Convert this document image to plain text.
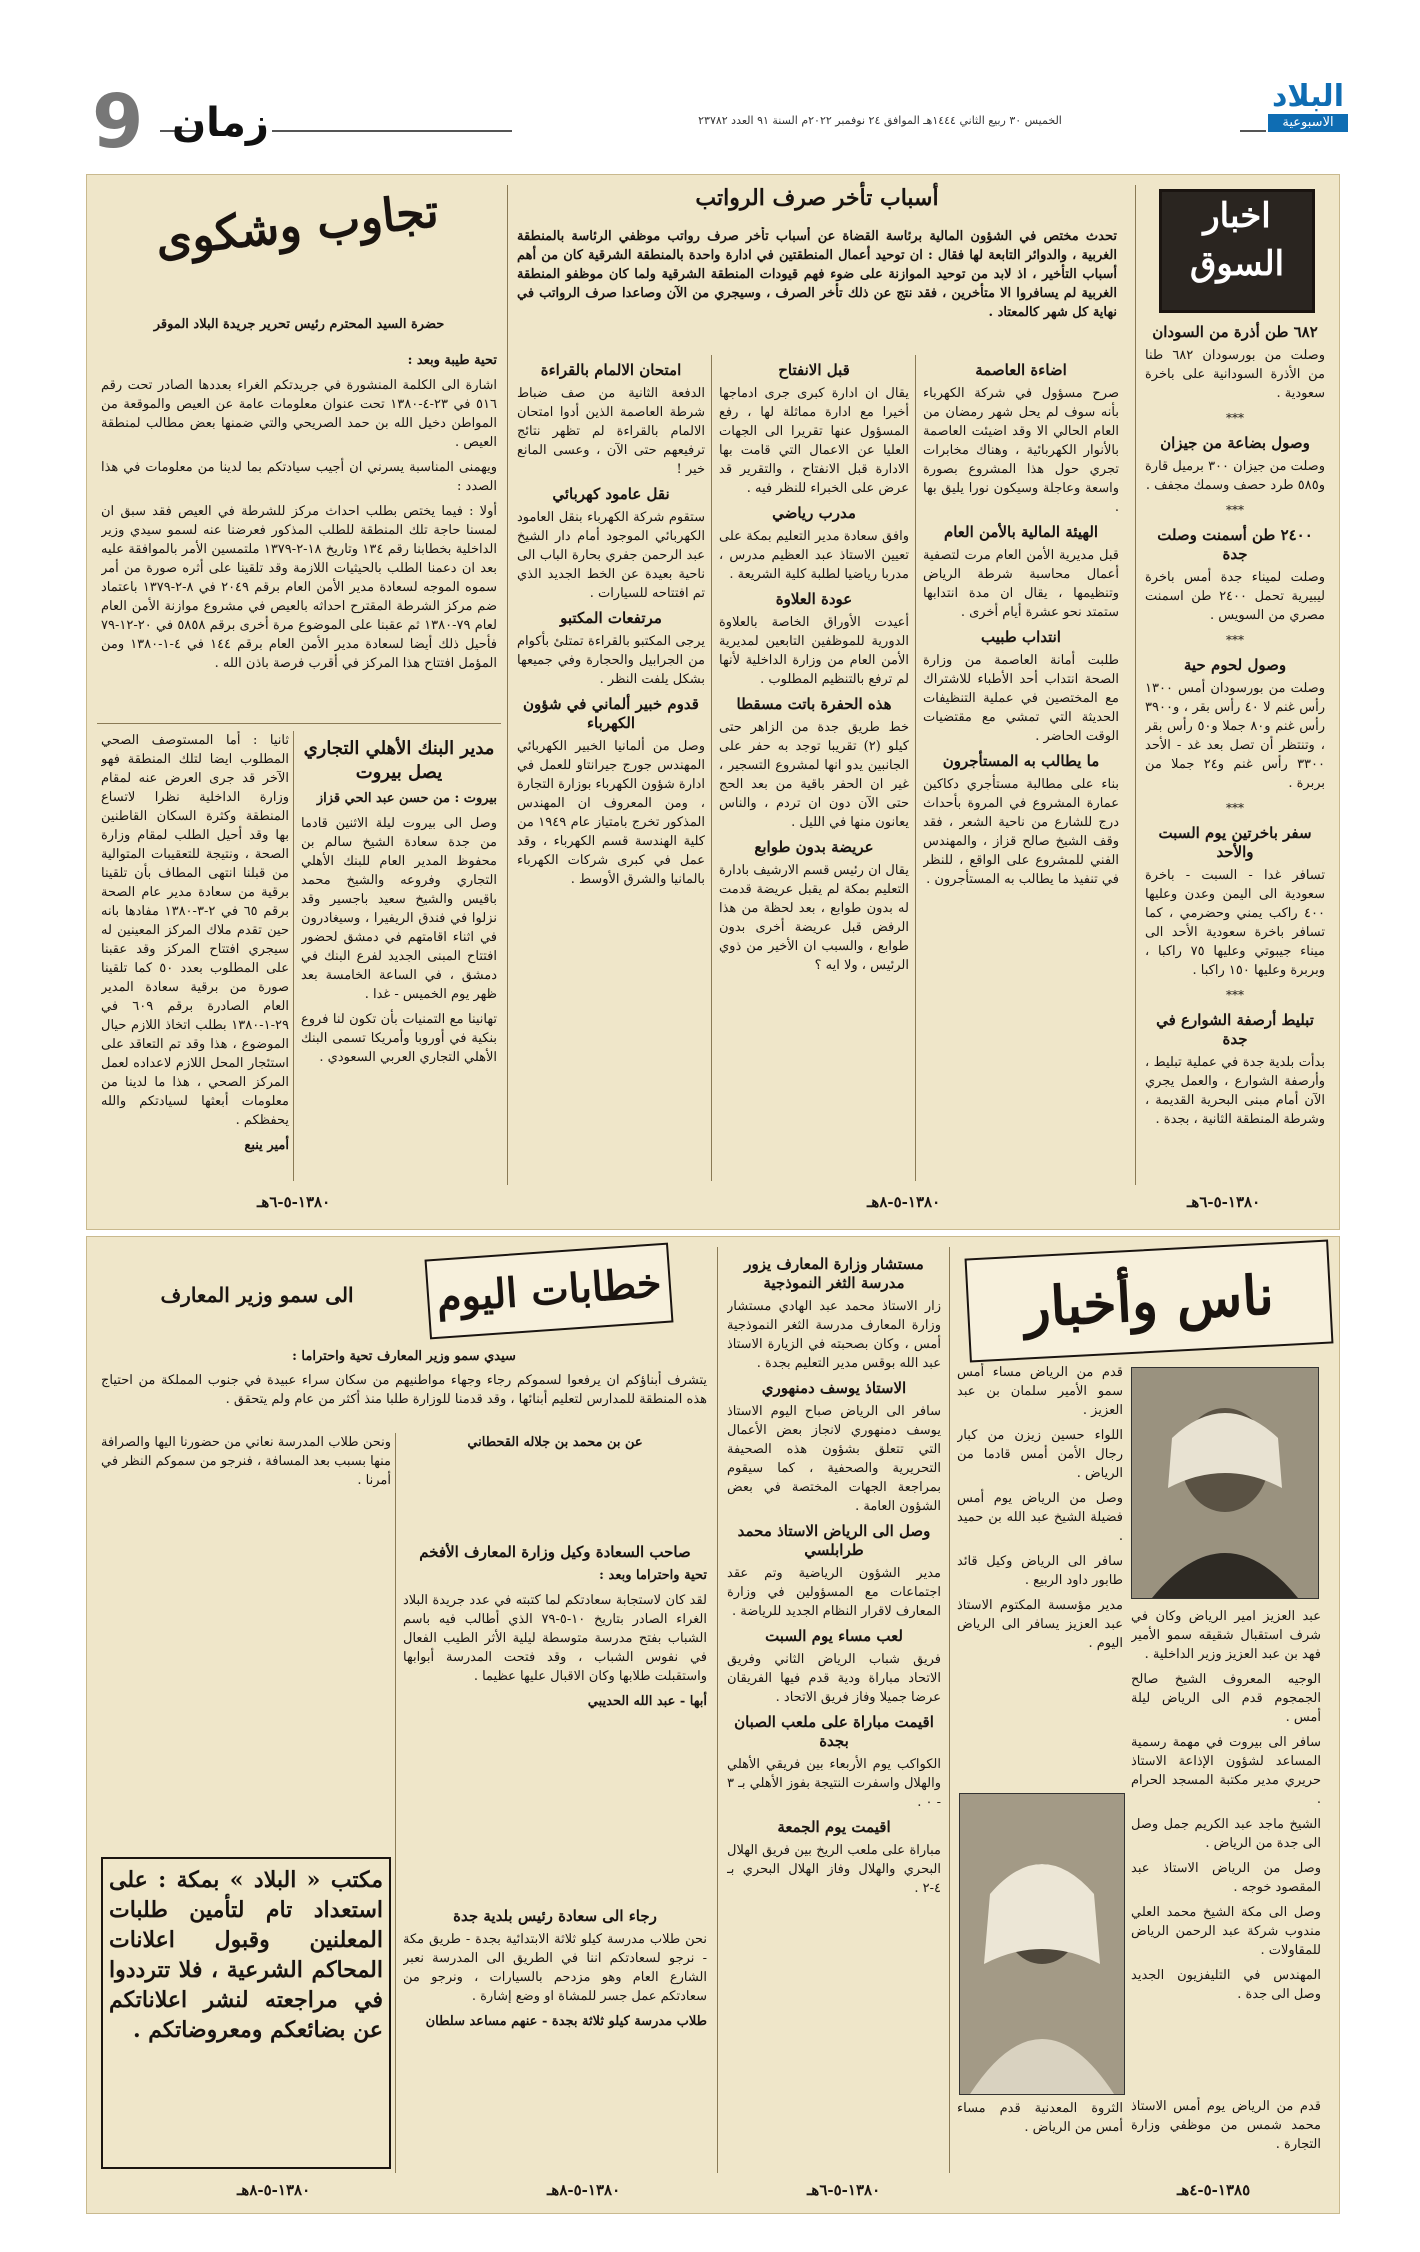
البلاد
الاسبوعية
الخميس ٣٠ ربيع الثاني ١٤٤٤هـ الموافق ٢٤ نوفمبر ٢٠٢٢م السنة ٩١ العدد ٢٣٧٨٢
زمان
9
اخبار السوق
٦٨٢ طن أذرة من السودان

وصلت من بورسودان ٦٨٢ طنا من الأذرة السودانية على باخرة سعودية .

***
وصول بضاعة من جيزان

وصلت من جيزان ٣٠٠ برميل قارة و٥٨٥ طرد حصف وسمك مجفف .

***
٢٤٠٠ طن أسمنت وصلت جدة

وصلت لميناء جدة أمس باخرة ليبيرية تحمل ٢٤٠٠ طن اسمنت مصري من السويس .

***
وصول لحوم حية

وصلت من بورسودان أمس ١٣٠٠ رأس غنم لا ٤٠ رأس بقر ، و٣٩٠٠ رأس غنم و٨٠ جملا و٥٠ رأس بقر ، وتنتظر أن تصل بعد غد - الأحد ٣٣٠٠ رأس غنم و٢٤ جملا من بربرة .

***
سفر باخرتين يوم السبت والأحد

تسافر غدا - السبت - باخرة سعودية الى اليمن وعدن وعليها ٤٠٠ راكب يمني وحضرمي ، كما تسافر باخرة سعودية الأحد الى ميناء جيبوتي وعليها ٧٥ راكبا ، وبربرة وعليها ١٥٠ راكبا .

***
تبليط أرصفة الشوارع في جدة

بدأت بلدية جدة في عملية تبليط ، وأرصفة الشوارع ، والعمل يجري الآن أمام مبنى البحرية القديمة ، وشرطة المنطقة الثانية ، بجدة .

أسباب تأخر صرف الرواتب

تحدث مختص في الشؤون المالية برئاسة القضاة عن أسباب تأخر صرف رواتب موظفي الرئاسة بالمنطقة الغربية ، والدوائر التابعة لها فقال : ان توحيد أعمال المنطقتين في ادارة واحدة بالمنطقة الشرقية كان من أهم أسباب التأخير ، اذ لابد من توحيد الموازنة على ضوء فهم قيودات المنطقة الشرقية ولما كان موظفو المنطقة الغربية لم يسافروا الا متأخرين ، فقد نتج عن ذلك تأخر الصرف ، وسيجري من الآن وصاعدا صرف الرواتب في نهاية كل شهر كالمعتاد .

اضاءة العاصمة

صرح مسؤول في شركة الكهرباء بأنه سوف لم يحل شهر رمضان من العام الحالي الا وقد اضيئت العاصمة بالأنوار الكهربائية ، وهناك مخابرات تجري حول هذا المشروع بصورة واسعة وعاجلة وسيكون نورا يليق بها .

الهيئة المالية بالأمن العام

قبل مديرية الأمن العام مرت لتصفية أعمال محاسبة شرطة الرياض وتنظيمها ، يقال ان مدة انتدابها ستمتد نحو عشرة أيام أخرى .

انتداب طبيب

طلبت أمانة العاصمة من وزارة الصحة انتداب أحد الأطباء للاشتراك مع المختصين في عملية التنظيفات الحديثة التي تمشي مع مقتضيات الوقت الحاضر .

ما يطالب به المستأجرون

بناء على مطالبة مستأجري دكاكين عمارة المشروع في المروة بأحداث درج للشارع من ناحية الشعر ، فقد وقف الشيخ صالح قزاز ، والمهندس الفني للمشروع على الواقع ، للنظر في تنفيذ ما يطالب به المستأجرون .

قبل الانفتاح

يقال ان ادارة كبرى جرى ادماجها أخيرا مع ادارة مماثلة لها ، رفع المسؤول عنها تقريرا الى الجهات العليا عن الاعمال التي قامت بها الادارة قبل الانفتاح ، والتقرير قد عرض على الخبراء للنظر فيه .

مدرب رياضي

وافق سعادة مدير التعليم بمكة على تعيين الاستاذ عبد العظيم مدرس ، مدربا رياضيا لطلبة كلية الشريعة .

عودة العلاوة

أعيدت الأوراق الخاصة بالعلاوة الدورية للموظفين التابعين لمديرية الأمن العام من وزارة الداخلية لأنها لم ترفع بالتنظيم المطلوب .

هذه الحفرة باتت مسقطا

خط طريق جدة من الزاهر حتى كيلو (٢) تقريبا توجد به حفر على الجانبين يدو انها لمشروع التسجير ، غير ان الحفر باقية من بعد الحج حتى الآن دون ان تردم ، والناس يعانون منها في الليل .

عريضة بدون طوابع

يقال ان رئيس قسم الارشيف بادارة التعليم بمكة لم يقبل عريضة قدمت له بدون طوابع ، بعد لحظة من هذا الرفض قبل عريضة أخرى بدون طوابع ، والسبب ان الأخير من ذوي الرئيس ، ولا ايه ؟

امتحان الالمام بالقراءة

الدفعة الثانية من صف ضباط شرطة العاصمة الذين أدوا امتحان الالمام بالقراءة لم تظهر نتائج ترفيعهم حتى الآن ، وعسى المانع خير !

نقل عامود كهربائي

ستقوم شركة الكهرباء بنقل العامود الكهربائي الموجود أمام دار الشيخ عبد الرحمن جفري بحارة الباب الى ناحية بعيدة عن الخط الجديد الذي تم افتتاحه للسيارات .

مرتفعات المكتبو

يرجى المكتبو بالقراءة تمتلئ بأكوام من الجرابيل والحجارة وفي جميعها بشكل يلفت النظر .

قدوم خبير ألماني في شؤون الكهرباء

وصل من ألمانيا الخبير الكهربائي المهندس جورج جيرانتاو للعمل في ادارة شؤون الكهرباء بوزارة التجارة ، ومن المعروف ان المهندس المذكور تخرج بامتياز عام ١٩٤٩ من كلية الهندسة قسم الكهرباء ، وقد عمل في كبرى شركات الكهرباء بالمانيا والشرق الأوسط .

تجاوب وشكوى

حضرة السيد المحترم رئيس تحرير جريدة البلاد الموقر

تحية طيبة وبعد :

اشارة الى الكلمة المنشورة في جريدتكم الغراء بعددها الصادر تحت رقم ٥١٦ في ٢٣-٤-١٣٨٠ تحت عنوان معلومات عامة عن العيص والموقعة من المواطن دخيل الله بن حمد الصريحي والتي ضمنها بعض مطالب لمنطقة العيص .

ويهمنى المناسبة يسرني ان أجيب سيادتكم بما لدينا من معلومات في هذا الصدد :

أولا : فيما يختص بطلب احداث مركز للشرطة في العيص فقد سبق ان لمسنا حاجة تلك المنطقة للطلب المذكور فعرضنا عنه لسمو سيدي وزير الداخلية بخطابنا رقم ١٣٤ وتاريخ ١٨-٢-١٣٧٩ ملتمسين الأمر بالموافقة عليه بعد ان دعمنا الطلب بالحيثيات اللازمة وقد تلقينا على أثره صورة من أمر سموه الموجه لسعادة مدير الأمن العام برقم ٢٠٤٩ في ٨-٢-١٣٧٩ باعتماد ضم مركز الشرطة المقترح احداثه بالعيص في مشروع موازنة الأمن العام لعام ٧٩-١٣٨٠ ثم عقبنا على الموضوع مرة أخرى برقم ٥٨٥٨ في ٢٠-١٢-٧٩ فأحيل ذلك أيضا لسعادة مدير الأمن العام برقم ١٤٤ في ٤-١-١٣٨٠ ومن المؤمل افتتاح هذا المركز في أقرب فرصة باذن الله .

مدير البنك الأهلي التجاري يصل بيروت

بيروت : من حسن عبد الحي قزاز

وصل الى بيروت ليلة الاثنين قادما من جدة سعادة الشيخ سالم بن محفوظ المدير العام للبنك الأهلي التجاري وفروعه والشيخ محمد باقيس والشيخ سعيد باجسير وقد نزلوا في فندق الريفيرا ، وسيغادرون في اثناء اقامتهم في دمشق لحضور افتتاح المبنى الجديد لفرع البنك في دمشق ، في الساعة الخامسة بعد ظهر يوم الخميس - غدا .

تهانينا مع التمنيات بأن تكون لنا فروع بنكية في أوروبا وأمريكا تسمى البنك الأهلي التجاري العربي السعودي .

ثانيا : أما المستوصف الصحي المطلوب ايضا لتلك المنطقة فهو الآخر قد جرى العرض عنه لمقام وزارة الداخلية نظرا لاتساع المنطقة وكثرة السكان القاطنين بها وقد أحيل الطلب لمقام وزارة الصحة ، ونتيجة للتعقيبات المتوالية من قبلنا انتهى المطاف بأن تلقينا برقية من سعادة مدير عام الصحة برقم ٦٥ في ٢-٣-١٣٨٠ مفادها بانه حين تقدم ملاك المركز المعينين له سيجري افتتاح المركز وقد عقبنا على المطلوب بعدد ٥٠ كما تلقينا صورة من برقية سعادة المدير العام الصادرة برقم ٦٠٩ في ٢٩-١-١٣٨٠ بطلب اتخاذ اللازم حيال الموضوع ، هذا وقد تم التعاقد على استئجار المحل اللازم لاعداده لعمل المركز الصحي ، هذا ما لدينا من معلومات أبعثها لسيادتكم والله يحفظكم .

أمير ينبع

١٣٨٠-٥-٦هـ	١٣٨٠-٥-٨هـ	١٣٨٠-٥-٦هـ
ناس وأخبار

قدم من الرياض مساء أمس سمو الأمير سلمان بن عبد العزيز .

اللواء حسين زيزن من كبار رجال الأمن أمس قادما من الرياض .

وصل من الرياض يوم أمس فضيلة الشيخ عبد الله بن حميد .

سافر الى الرياض وكيل قائد طابور داود الربيع .

مدير مؤسسة المكتوم الاستاذ عبد العزيز يسافر الى الرياض اليوم .

عبد العزيز امير الرياض وكان في شرف استقبال شقيقه سمو الأمير فهد بن عبد العزيز وزير الداخلية .

الوجيه المعروف الشيخ صالح الجمجوم قدم الى الرياض ليلة أمس .

سافر الى بيروت في مهمة رسمية المساعد لشؤون الإذاعة الاستاذ حريري مدير مكتبة المسجد الحرام .

الشيخ ماجد عبد الكريم جمل وصل الى جدة من الرياض .

وصل من الرياض الاستاذ عبد المقصود خوجه .

وصل الى مكة الشيخ محمد العلي مندوب شركة عبد الرحمن الرياض للمقاولات .

المهندس في التليفزيون الجديد وصل الى جدة .

الثروة المعدنية قدم مساء أمس من الرياض .

قدم من الرياض يوم أمس الاستاذ محمد شمس من موظفي وزارة التجارة .

مستشار وزارة المعارف يزور مدرسة الثغر النموذجية

زار الاستاذ محمد عبد الهادي مستشار وزارة المعارف مدرسة الثغر النموذجية أمس ، وكان بصحبته في الزيارة الاستاذ عبد الله بوقس مدير التعليم بجدة .

الاستاذ يوسف دمنهوري

سافر الى الرياض صباح اليوم الاستاذ يوسف دمنهوري لانجاز بعض الأعمال التي تتعلق بشؤون هذه الصحيفة التحريرية والصحفية ، كما سيقوم بمراجعة الجهات المختصة في بعض الشؤون العامة .

وصل الى الرياض الاستاذ محمد طرابلسي

مدير الشؤون الرياضية وتم عقد اجتماعات مع المسؤولين في وزارة المعارف لاقرار النظام الجديد للرياضة .

لعب مساء يوم السبت

فريق شباب الرياض الثاني وفريق الاتحاد مباراة ودية قدم فيها الفريقان عرضا جميلا وفاز فريق الاتحاد .

اقيمت مباراة على ملعب الصبان بجدة

الكواكب يوم الأربعاء بين فريقي الأهلي والهلال واسفرت النتيجة بفوز الأهلي بـ ٣ - ٠ .

اقيمت يوم الجمعة

مباراة على ملعب الريخ بين فريق الهلال البحري والهلال وفاز الهلال البحري بـ ٤-٢ .

خطابات اليوم
الى سمو وزير المعارف

سيدي سمو وزير المعارف تحية واحتراما :

يتشرف أبناؤكم ان يرفعوا لسموكم رجاء وجهاء مواطنيهم من سكان سراء عبيدة في جنوب المملكة من احتياج هذه المنطقة للمدارس لتعليم أبنائها ، وقد قدمنا للوزارة طلبا منذ أكثر من عام ولم يتحقق .

ونحن طلاب المدرسة نعاني من حضورنا اليها والصرافة منها بسبب بعد المسافة ، فنرجو من سموكم النظر في أمرنا .

عن بن محمد بن جلاله القحطاني

صاحب السعادة وكيل وزارة المعارف الأفخم

تحية واحتراما وبعد :

لقد كان لاستجابة سعادتكم لما كتبته في عدد جريدة البلاد الغراء الصادر بتاريخ ١٠-٥-٧٩ الذي أطالب فيه باسم الشباب بفتح مدرسة متوسطة ليلية الأثر الطيب الفعال في نفوس الشباب ، وقد فتحت المدرسة أبوابها واستقبلت طلابها وكان الاقبال عليها عظيما .

أبها - عبد الله الحديبي

رجاء الى سعادة رئيس بلدية جدة

نحن طلاب مدرسة كيلو ثلاثة الابتدائية بجدة - طريق مكة - نرجو لسعادتكم اننا في الطريق الى المدرسة نعبر الشارع العام وهو مزدحم بالسيارات ، ونرجو من سعادتكم عمل جسر للمشاة او وضع إشارة .

طلاب مدرسة كيلو ثلاثة بجدة - عنهم مساعد سلطان

مكتب « البلاد » بمكة : على استعداد تام لتأمين طلبات المعلنين وقبول اعلانات المحاكم الشرعية ، فلا تترددوا في مراجعته لنشر اعلاناتكم عن بضائعكم ومعروضاتكم .

١٣٨٠-٥-٨هـ	١٣٨٠-٥-٨هـ	١٣٨٠-٥-٦هـ	١٣٨٥-٥-٤هـ
